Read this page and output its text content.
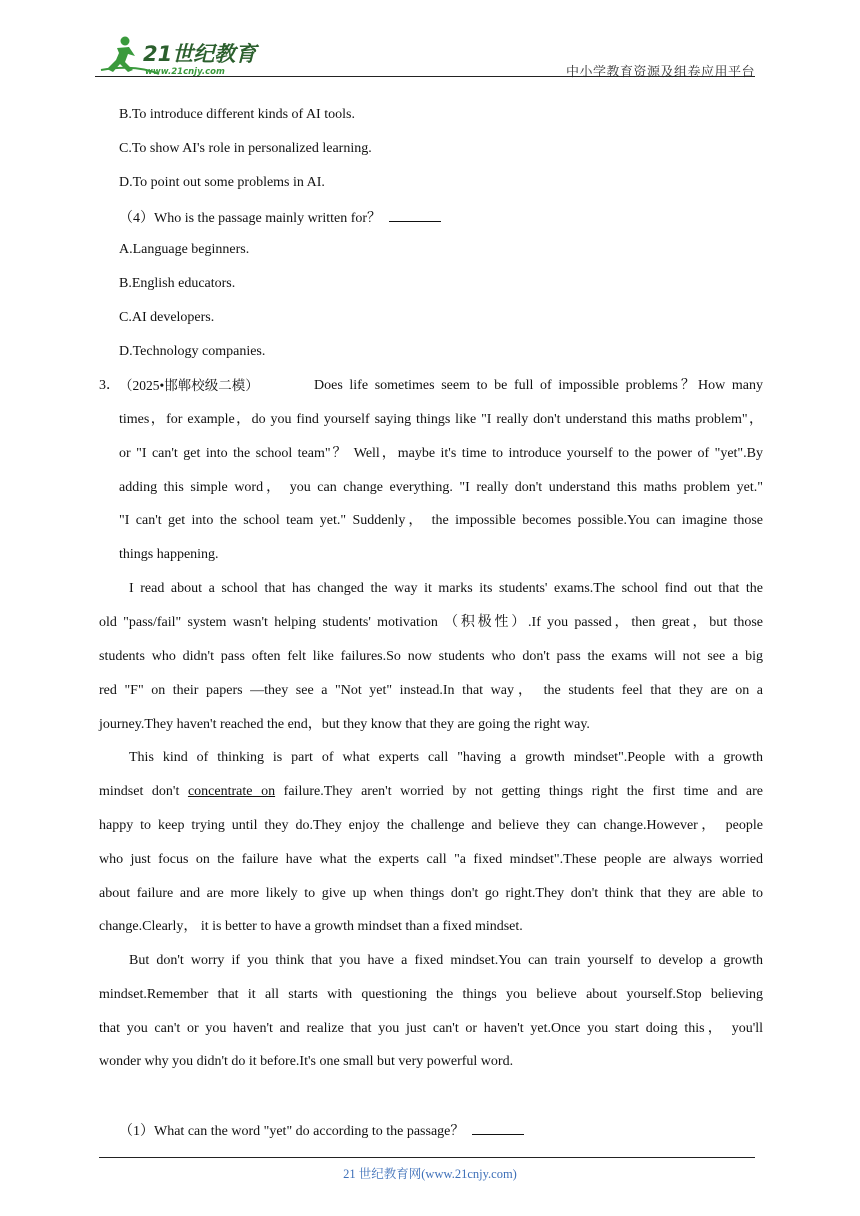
21世纪教育
www.21cnjy.com	中小学教育资源及组卷应用平台
B.To introduce different kinds of AI tools.
C.To show AI's role in personalized learning.
D.To point out some problems in AI.
（4）Who is the passage mainly written for？
A.Language beginners.
B.English educators.
C.AI developers.
D.Technology companies.
3． （2025•邯郸校级二模）	Does life sometimes seem to be full of impossible problems？How many
times，for example，do you find yourself saying things like "I really don't understand this maths problem"，
or "I can't get into the school team"？ Well，maybe it's time to introduce yourself to the power of "yet".By
adding this simple word， you can change everything. "I really don't understand this maths problem yet."
"I can't get into the school team yet." Suddenly， the impossible becomes possible.You can imagine those
things happening.
I read about a school that has changed the way it marks its students' exams.The school find out that the
old "pass/fail" system wasn't helping students' motivation （积极性）.If you passed，then great，but those
students who didn't pass often felt like failures.So now students who don't pass the exams will not see a big
red "F" on their papers —they see a "Not yet" instead.In that way， the students feel that they are on a
journey.They haven't reached the end，but they know that they are going the right way.
This kind of thinking is part of what experts call "having a growth mindset".People with a growth
mindset don't concentrate on failure.They aren't worried by not getting things right the first time and are
happy to keep trying until they do.They enjoy the challenge and believe they can change.However， people
who just focus on the failure have what the experts call "a fixed mindset".These people are always worried
about failure and are more likely to give up when things don't go right.They don't think that they are able to
change.Clearly， it is better to have a growth mindset than a fixed mindset.
But don't worry if you think that you have a fixed mindset.You can train yourself to develop a growth
mindset.Remember that it all starts with questioning the things you believe about yourself.Stop believing
that you can't or you haven't and realize that you just can't or haven't yet.Once you start doing this， you'll
wonder why you didn't do it before.It's one small but very powerful word.
（1）What can the word "yet" do according to the passage？
21 世纪教育网(www.21cnjy.com)
